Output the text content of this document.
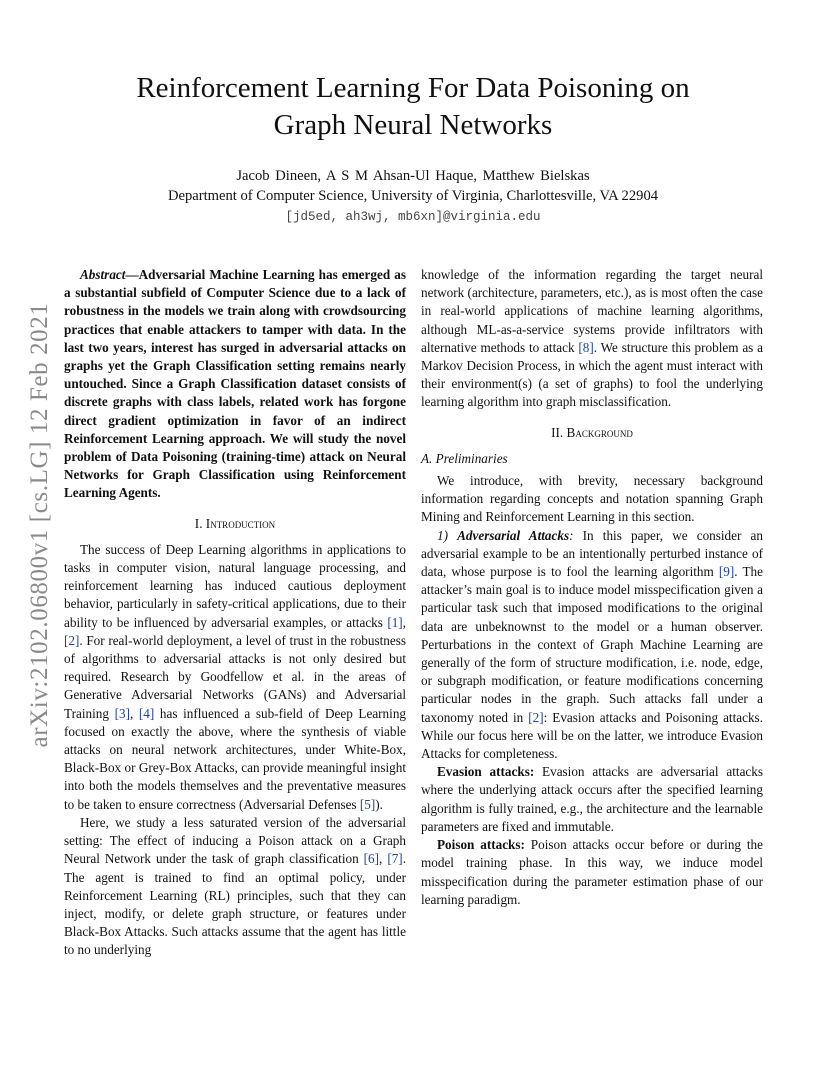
arXiv:2102.06800v1 [cs.LG] 12 Feb 2021
Reinforcement Learning For Data Poisoning on
Graph Neural Networks
Jacob Dineen, A S M Ahsan-Ul Haque, Matthew Bielskas
Department of Computer Science, University of Virginia, Charlottesville, VA 22904
[jd5ed, ah3wj, mb6xn]@virginia.edu

Abstract—Adversarial Machine Learning has emerged as a substantial subfield of Computer Science due to a lack of robustness in the models we train along with crowdsourcing practices that enable attackers to tamper with data. In the last two years, interest has surged in adversarial attacks on graphs yet the Graph Classification setting remains nearly untouched. Since a Graph Classification dataset consists of discrete graphs with class labels, related work has forgone direct gradient optimization in favor of an indirect Reinforcement Learning approach. We will study the novel problem of Data Poisoning (training-time) attack on Neural Networks for Graph Classification using Reinforcement Learning Agents.

I. Introduction

The success of Deep Learning algorithms in applications to tasks in computer vision, natural language processing, and reinforcement learning has induced cautious deployment behavior, particularly in safety-critical applications, due to their ability to be influenced by adversarial examples, or attacks [1], [2]. For real-world deployment, a level of trust in the robustness of algorithms to adversarial attacks is not only desired but required. Research by Goodfellow et al. in the areas of Generative Adversarial Networks (GANs) and Adversarial Training [3], [4] has influenced a sub-field of Deep Learning focused on exactly the above, where the synthesis of viable attacks on neural network architectures, under White-Box, Black-Box or Grey-Box Attacks, can provide meaningful insight into both the models themselves and the preventative measures to be taken to ensure correctness (Adversarial Defenses [5]).

Here, we study a less saturated version of the adversarial setting: The effect of inducing a Poison attack on a Graph Neural Network under the task of graph classification [6], [7]. The agent is trained to find an optimal policy, under Reinforcement Learning (RL) principles, such that they can inject, modify, or delete graph structure, or features under Black-Box Attacks. Such attacks assume that the agent has little to no underlying

knowledge of the information regarding the target neural network (architecture, parameters, etc.), as is most often the case in real-world applications of machine learning algorithms, although ML-as-a-service systems provide infiltrators with alternative methods to attack [8]. We structure this problem as a Markov Decision Process, in which the agent must interact with their environment(s) (a set of graphs) to fool the underlying learning algorithm into graph misclassification.

II. Background

A. Preliminaries

We introduce, with brevity, necessary background information regarding concepts and notation spanning Graph Mining and Reinforcement Learning in this section.

1) Adversarial Attacks: In this paper, we consider an adversarial example to be an intentionally perturbed instance of data, whose purpose is to fool the learning algorithm [9]. The attacker’s main goal is to induce model misspecification given a particular task such that imposed modifications to the original data are unbeknownst to the model or a human observer. Perturbations in the context of Graph Machine Learning are generally of the form of structure modification, i.e. node, edge, or subgraph modification, or feature modifications concerning particular nodes in the graph. Such attacks fall under a taxonomy noted in [2]: Evasion attacks and Poisoning attacks. While our focus here will be on the latter, we introduce Evasion Attacks for completeness.

Evasion attacks: Evasion attacks are adversarial attacks where the underlying attack occurs after the specified learning algorithm is fully trained, e.g., the architecture and the learnable parameters are fixed and immutable.

Poison attacks: Poison attacks occur before or during the model training phase. In this way, we induce model misspecification during the parameter estimation phase of our learning paradigm.
